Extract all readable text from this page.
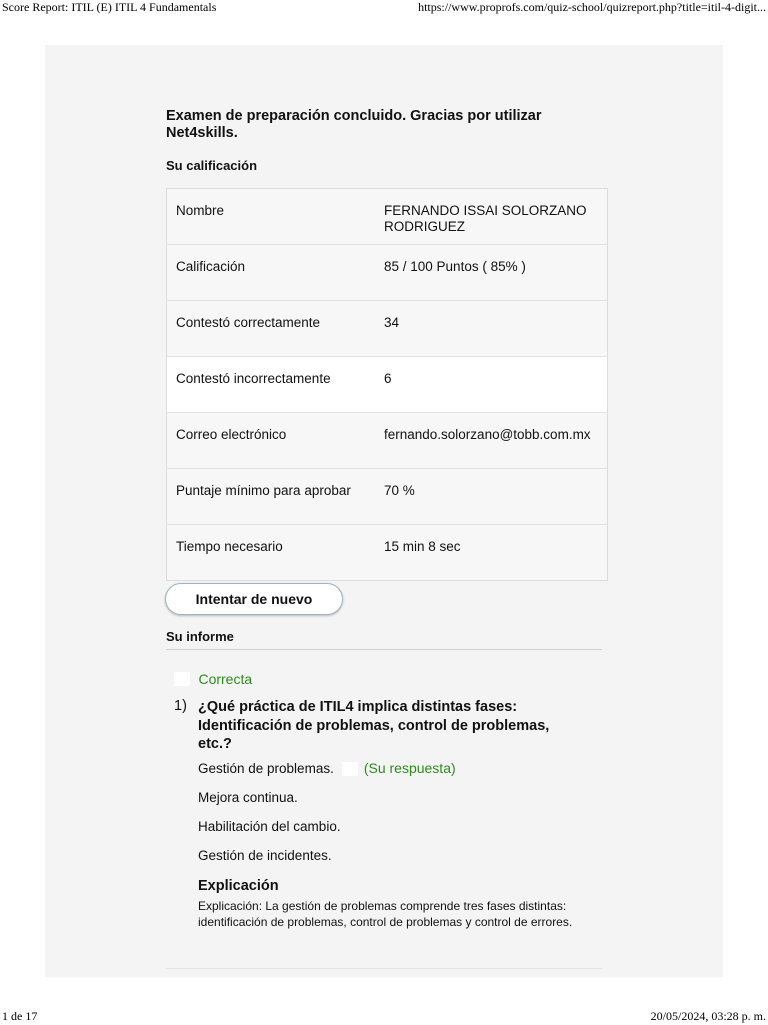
Score Report: ITIL (E) ITIL 4 Fundamentals	https://www.proprofs.com/quiz-school/quizreport.php?title=itil-4-digit...
Examen de preparación concluido. Gracias por utilizar Net4skills.
Su calificación
Nombre	FERNANDO ISSAI SOLORZANO RODRIGUEZ
Calificación	85 / 100 Puntos ( 85% )
Contestó correctamente	34
Contestó incorrectamente	6
Correo electrónico	fernando.solorzano@tobb.com.mx
Puntaje mínimo para aprobar	70 %
Tiempo necesario	15 min 8 sec
Intentar de nuevo
Su informe
Correcta
1) ¿Qué práctica de ITIL4 implica distintas fases: Identificación de problemas, control de problemas, etc.?
Gestión de problemas. (Su respuesta)
Mejora continua.
Habilitación del cambio.
Gestión de incidentes.
Explicación
Explicación: La gestión de problemas comprende tres fases distintas: identificación de problemas, control de problemas y control de errores.
1 de 17	20/05/2024, 03:28 p. m.
